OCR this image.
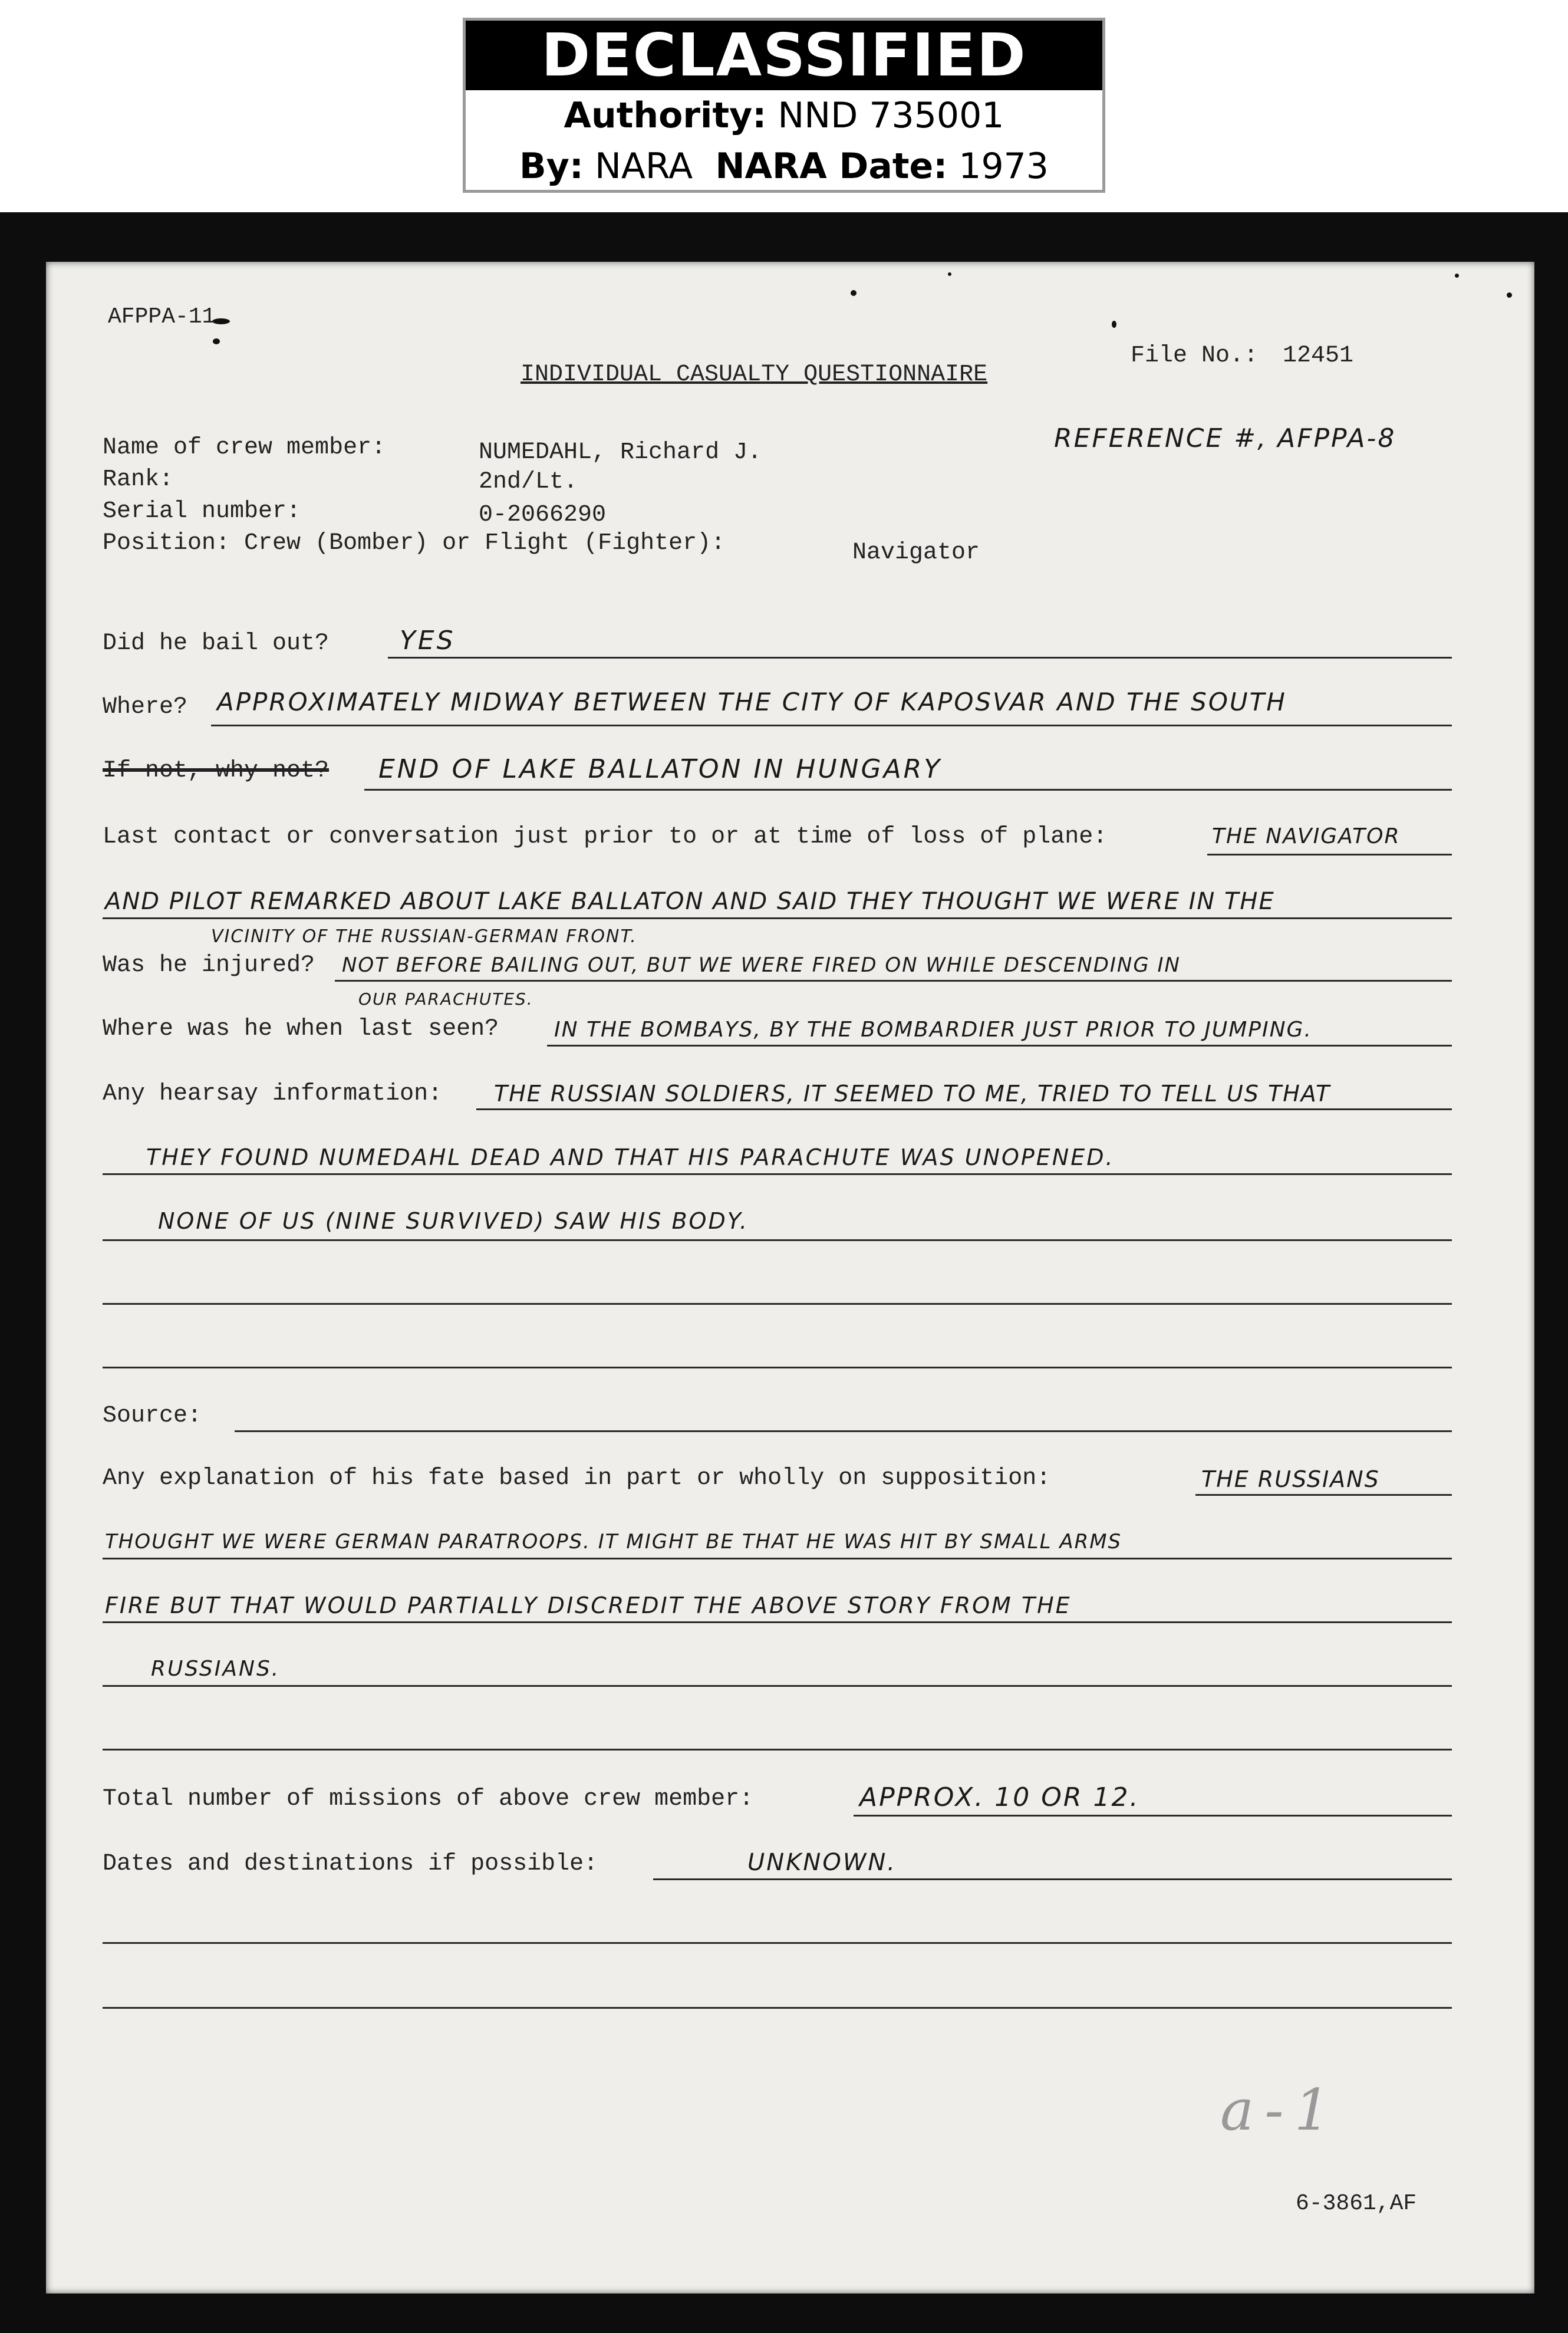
DECLASSIFIED
Authority: NND 735001
By: NARA NARA Date: 1973
AFPPA-11
INDIVIDUAL CASUALTY QUESTIONNAIRE
File No.: 12451
REFERENCE #, AFPPA-8
Name of crew member:	NUMEDAHL, Richard J.
Rank:	2nd/Lt.
Serial number:	0-2066290
Position: Crew (Bomber) or Flight (Fighter):	Navigator
Did he bail out?	YES
Where? APPROXIMATELY MIDWAY BETWEEN THE CITY OF KAPOSVAR AND THE SOUTH
If not, why not? END OF LAKE BALLATON IN HUNGARY
Last contact or conversation just prior to or at time of loss of plane:	THE NAVIGATOR
AND PILOT REMARKED ABOUT LAKE BALLATON AND SAID THEY THOUGHT WE WERE IN THE
VICINITY OF THE RUSSIAN-GERMAN FRONT.
Was he injured? NOT BEFORE BAILING OUT, BUT WE WERE FIRED ON WHILE DESCENDING IN
OUR PARACHUTES.
Where was he when last seen?	IN THE BOMBAYS, BY THE BOMBARDIER JUST PRIOR TO JUMPING.
Any hearsay information: THE RUSSIAN SOLDIERS, IT SEEMED TO ME, TRIED TO TELL US THAT
THEY FOUND NUMEDAHL DEAD AND THAT HIS PARACHUTE WAS UNOPENED.
NONE OF US (NINE SURVIVED) SAW HIS BODY.
Source:
Any explanation of his fate based in part or wholly on supposition:	THE RUSSIANS
THOUGHT WE WERE GERMAN PARATROOPS. IT MIGHT BE THAT HE WAS HIT BY SMALL ARMS
FIRE BUT THAT WOULD PARTIALLY DISCREDIT THE ABOVE STORY FROM THE
RUSSIANS.
Total number of missions of above crew member:	APPROX. 10 OR 12.
Dates and destinations if possible:	UNKNOWN.
a-1
6-3861,AF
